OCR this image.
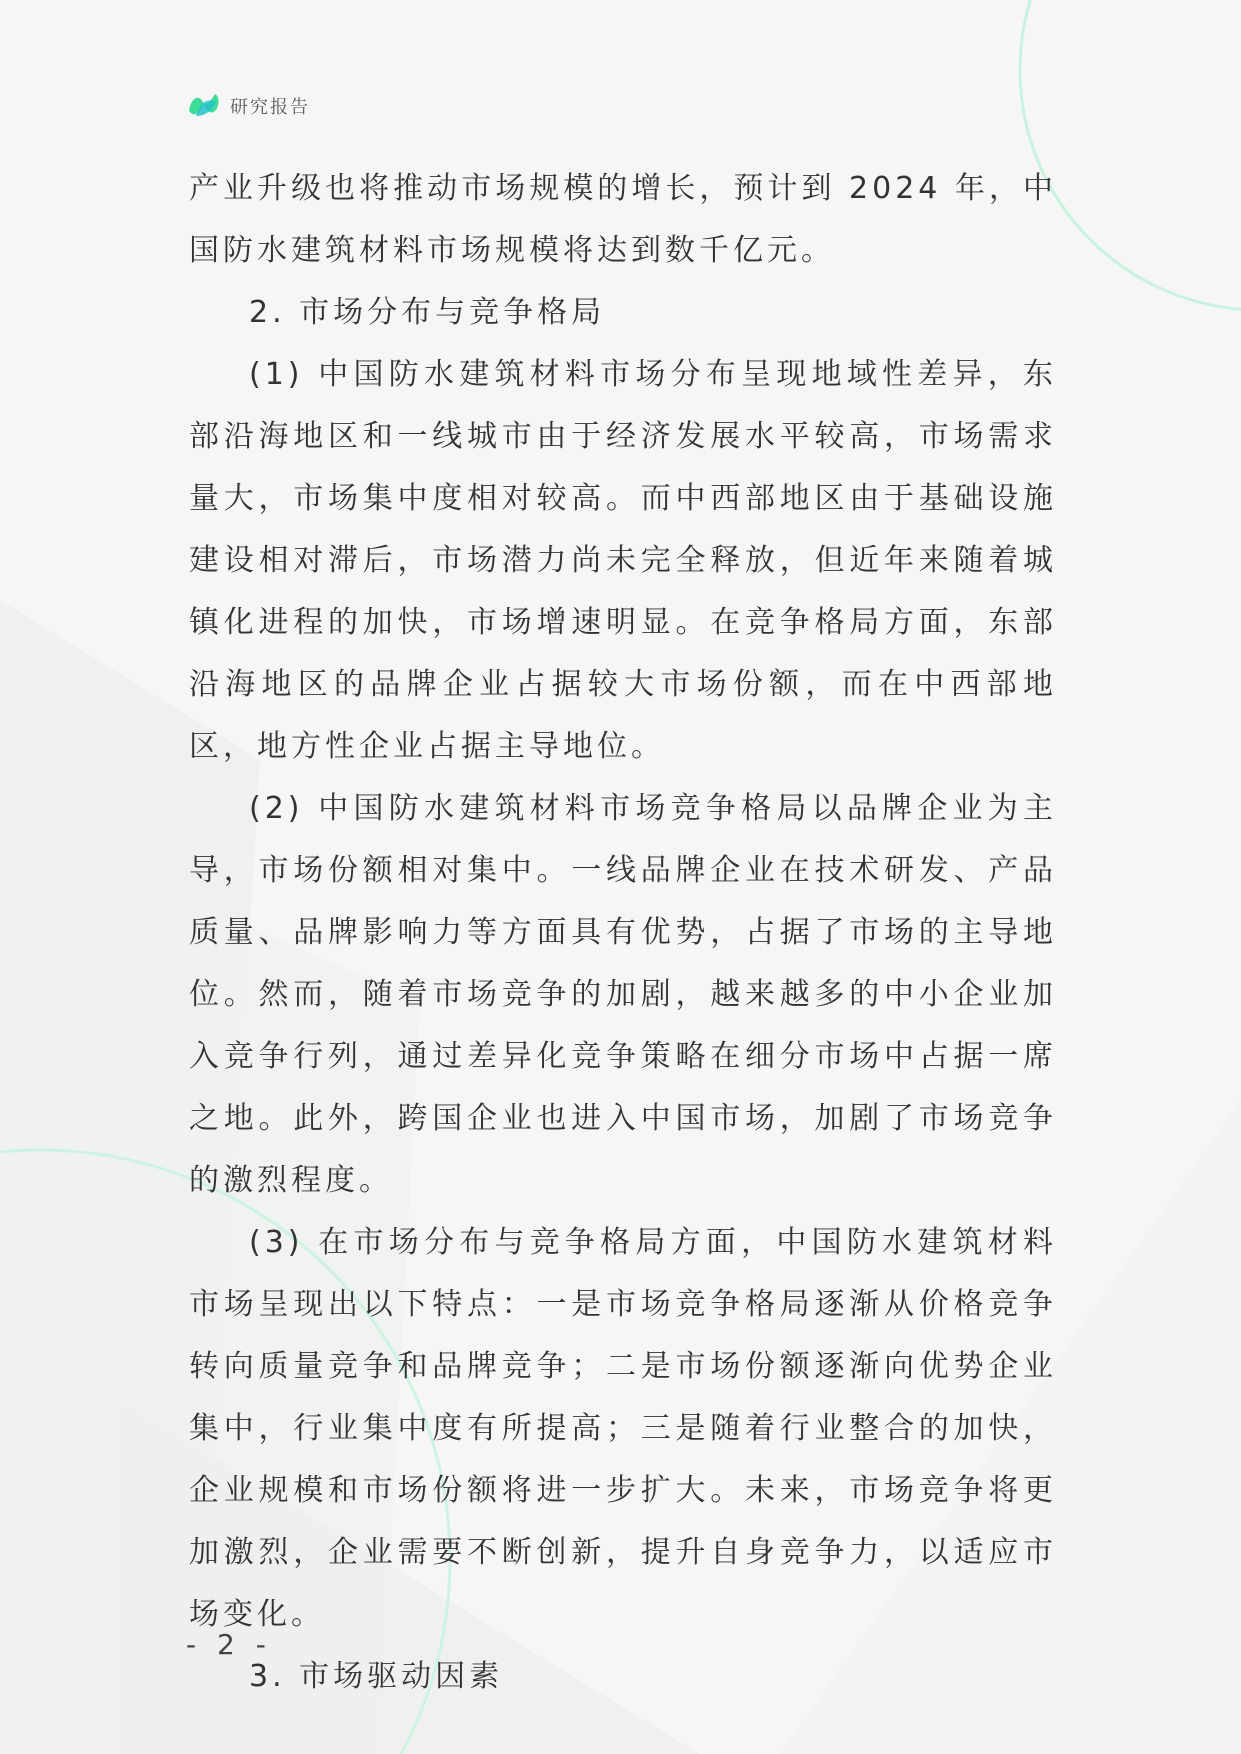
研究报告

产业升级也将推动市场规模的增长，预计到 2024 年，中国防水建筑材料市场规模将达到数千亿元。

2. 市场分布与竞争格局

(1) 中国防水建筑材料市场分布呈现地域性差异，东部沿海地区和一线城市由于经济发展水平较高，市场需求量大，市场集中度相对较高。而中西部地区由于基础设施建设相对滞后，市场潜力尚未完全释放，但近年来随着城镇化进程的加快，市场增速明显。在竞争格局方面，东部沿海地区的品牌企业占据较大市场份额，而在中西部地区，地方性企业占据主导地位。

(2) 中国防水建筑材料市场竞争格局以品牌企业为主导，市场份额相对集中。一线品牌企业在技术研发、产品质量、品牌影响力等方面具有优势，占据了市场的主导地位。然而，随着市场竞争的加剧，越来越多的中小企业加入竞争行列，通过差异化竞争策略在细分市场中占据一席之地。此外，跨国企业也进入中国市场，加剧了市场竞争的激烈程度。

(3) 在市场分布与竞争格局方面，中国防水建筑材料市场呈现出以下特点：一是市场竞争格局逐渐从价格竞争转向质量竞争和品牌竞争；二是市场份额逐渐向优势企业集中，行业集中度有所提高；三是随着行业整合的加快，企业规模和市场份额将进一步扩大。未来，市场竞争将更加激烈，企业需要不断创新，提升自身竞争力，以适应市场变化。

3. 市场驱动因素

- 2 -
